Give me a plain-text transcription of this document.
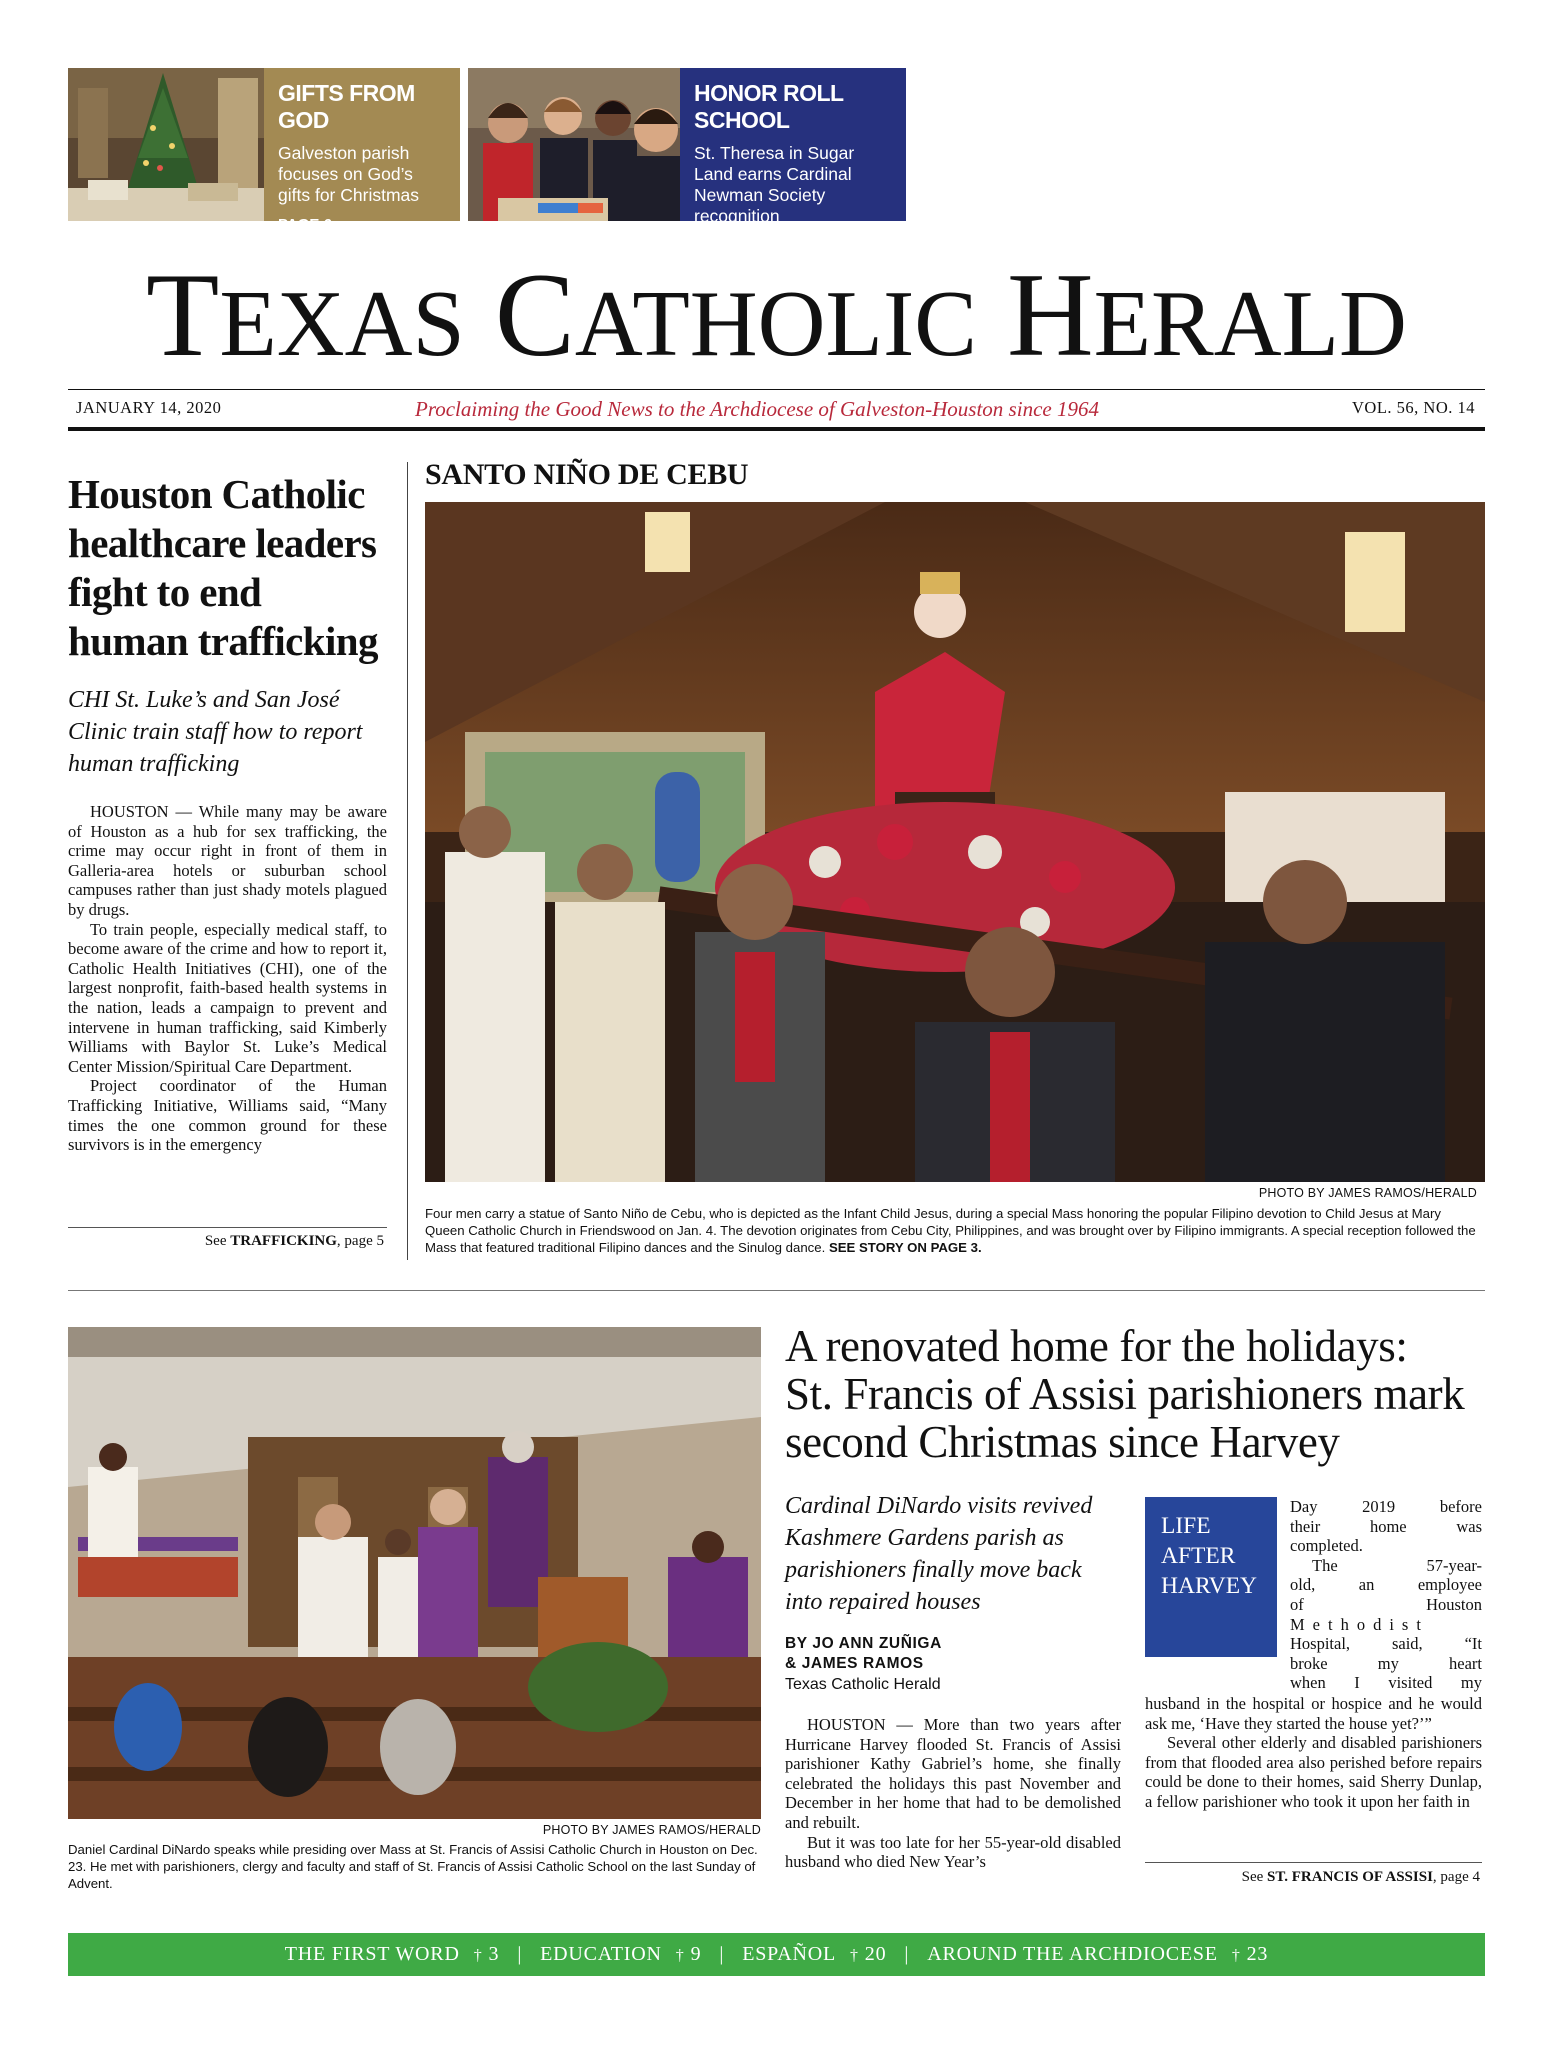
GIFTS FROM GOD
Galveston parish focuses on God’s gifts for Christmas
PAGE 6
HONOR ROLL SCHOOL
St. Theresa in Sugar Land earns Cardinal Newman Society recognition
PAGE 9
TEXAS CATHOLIC HERALD
JANUARY 14, 2020	Proclaiming the Good News to the Archdiocese of Galveston-Houston since 1964	VOL. 56, NO. 14
Houston Catholic
healthcare leaders
fight to end
human trafficking
CHI St. Luke’s and San José
Clinic train staff how to report
human trafficking

HOUSTON — While many may be aware of Houston as a hub for sex trafficking, the crime may occur right in front of them in Galleria-area hotels or suburban school campuses rather than just shady motels plagued by drugs.

To train people, especially medical staff, to become aware of the crime and how to report it, Catholic Health Initiatives (CHI), one of the largest nonprofit, faith-based health systems in the nation, leads a campaign to prevent and intervene in human trafficking, said Kimberly Williams with Baylor St. Luke’s Medical Center Mission/Spiritual Care Department.

Project coordinator of the Human Trafficking Initiative, Williams said, “Many times the one common ground for these survivors is in the emergency

See TRAFFICKING, page 5
SANTO NIÑO DE CEBU
PHOTO BY JAMES RAMOS/HERALD
Four men carry a statue of Santo Niño de Cebu, who is depicted as the Infant Child Jesus, during a special Mass honoring the popular Filipino devotion to Child Jesus at Mary Queen Catholic Church in Friendswood on Jan. 4. The devotion originates from Cebu City, Philippines, and was brought over by Filipino immigrants. A special reception followed the Mass that featured traditional Filipino dances and the Sinulog dance. SEE STORY ON PAGE 3.
PHOTO BY JAMES RAMOS/HERALD
Daniel Cardinal DiNardo speaks while presiding over Mass at St. Francis of Assisi Catholic Church in Houston on Dec. 23. He met with parishioners, clergy and faculty and staff of St. Francis of Assisi Catholic School on the last Sunday of Advent.
A renovated home for the holidays:
St. Francis of Assisi parishioners mark
second Christmas since Harvey
Cardinal DiNardo visits revived
Kashmere Gardens parish as
parishioners finally move back
into repaired houses
BY JO ANN ZUÑIGA
& JAMES RAMOS
Texas Catholic Herald

HOUSTON — More than two years after Hurricane Harvey flooded St. Francis of Assisi parishioner Kathy Gabriel’s home, she finally celebrated the holidays this past November and December in her home that had to be demolished and rebuilt.

But it was too late for her 55-year-old disabled husband who died New Year’s

LIFE
AFTER
HARVEY
Day 2019 before
their home was
completed.
The 57-year-
old, an employee
of Houston
Methodist
Hospital, said, “It
broke my heart
when I visited my

husband in the hospital or hospice and he would ask me, ‘Have they started the house yet?’”

Several other elderly and disabled parishioners from that flooded area also perished before repairs could be done to their homes, said Sherry Dunlap, a fellow parishioner who took it upon her faith in

See ST. FRANCIS OF ASSISI, page 4
THE FIRST WORD † 3 | EDUCATION † 9 | ESPAÑOL † 20 | AROUND THE ARCHDIOCESE † 23
